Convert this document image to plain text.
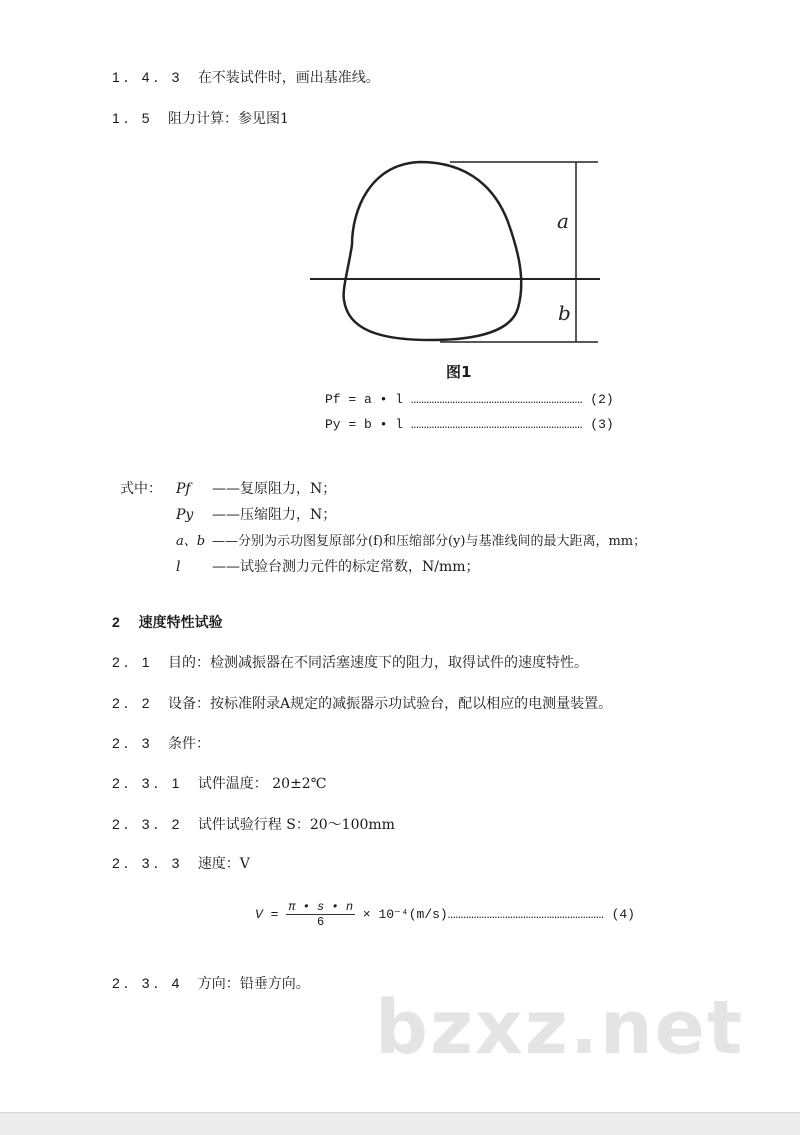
1．4．3 在不装试件时，画出基准线。
1．5 阻力计算：参见图1
a
b
图1
Pf = a • l ………………………………………………………… (2)
Py = b • l ………………………………………………………… (3)
式中： Pf ——复原阻力，N；
Py ——压缩阻力，N；
a、b ——分别为示功图复原部分(f)和压缩部分(y)与基准线间的最大距离，mm；
l ——试验台测力元件的标定常数，N/mm；
2 速度特性试验
2．1 目的：检测减振器在不同活塞速度下的阻力，取得试件的速度特性。
2．2 设备：按标准附录A规定的减振器示功试验台，配以相应的电测量装置。
2．3 条件：
2．3．1 试件温度： 20±2℃
2．3．2 试件试验行程 S：20～100mm
2．3．3 速度：V
$V = \frac{\pi • s • n}{6}$ × 10⁻⁴(m/s)…………………………………………………… (4)
2．3．4 方向：铅垂方向。
bzxz.net
